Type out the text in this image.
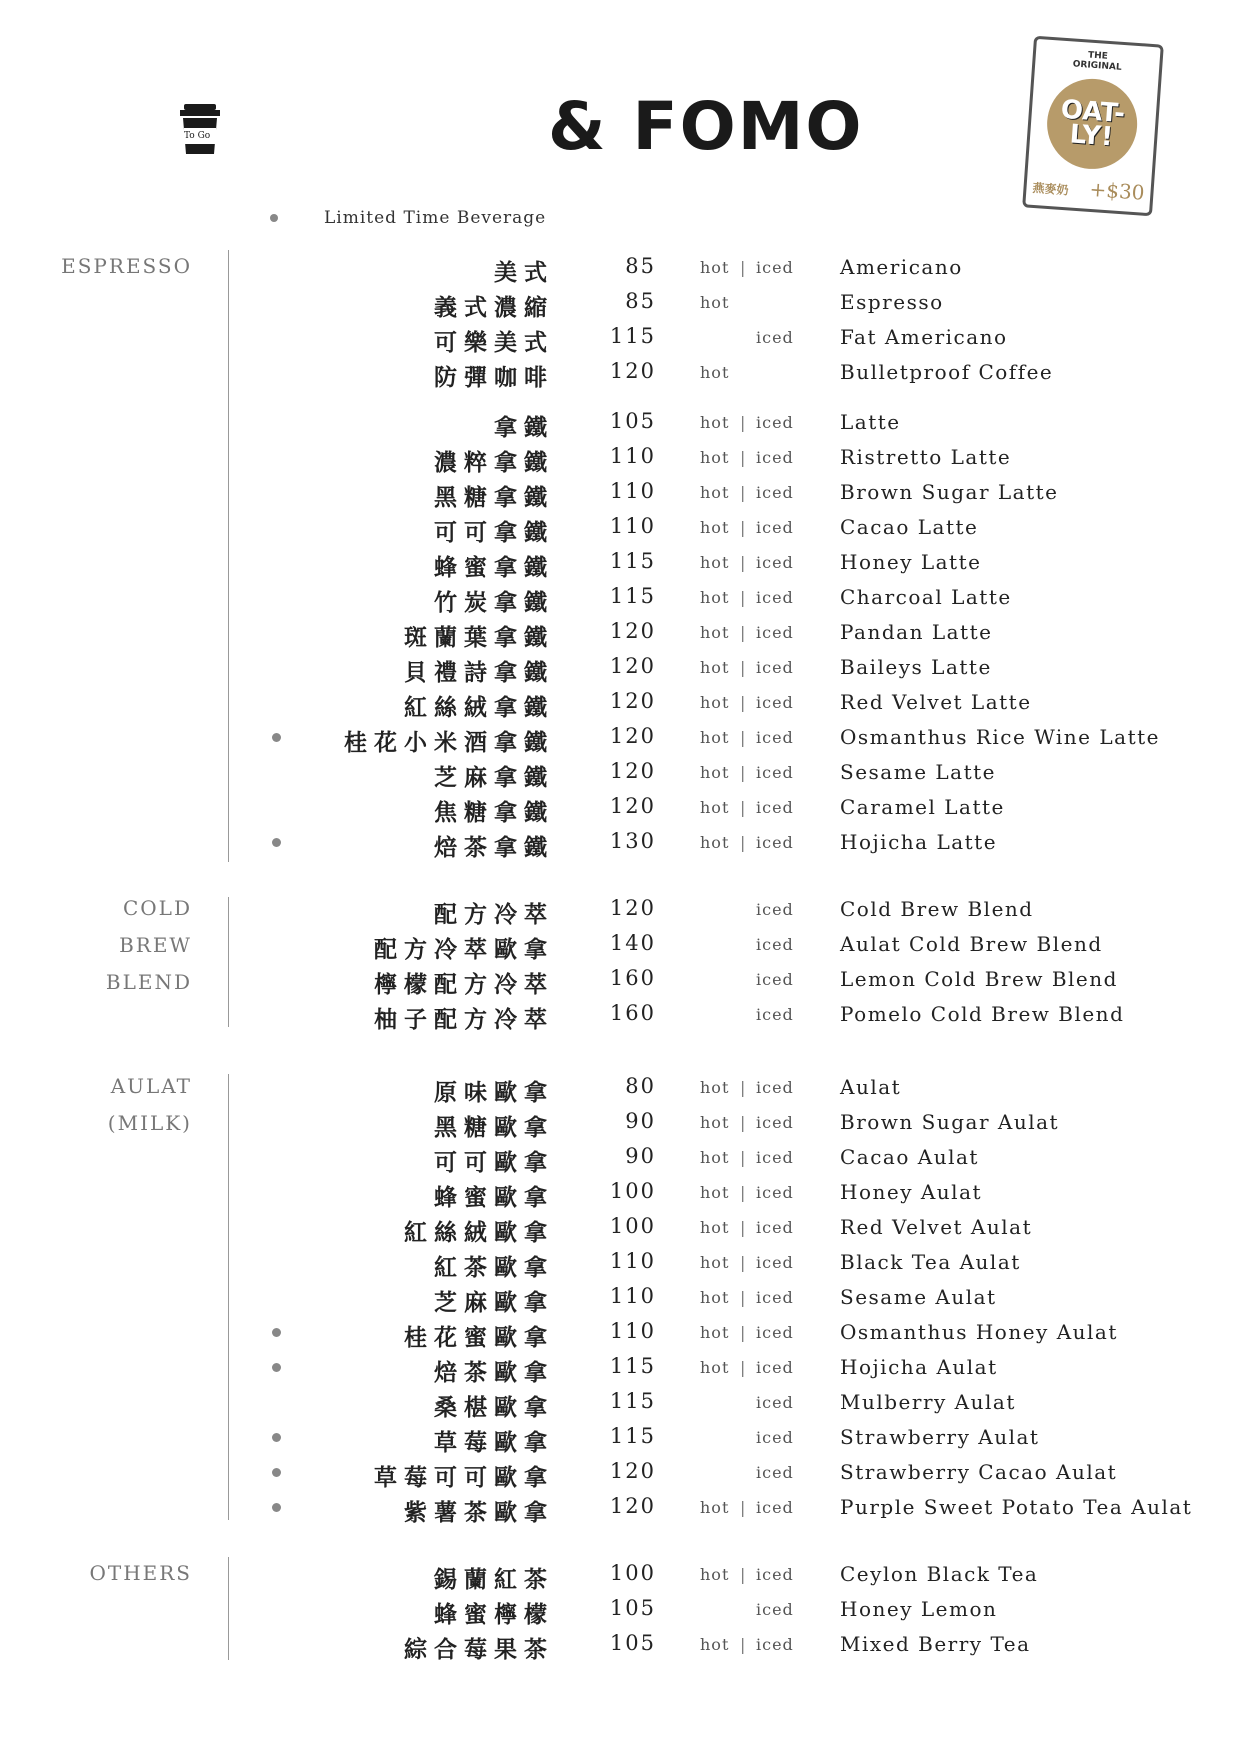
To Go	& FOMO
THE
ORIGINAL
OAT-
LY!
燕麥奶 +$30
Limited Time Beverage
ESPRESSO	美式	85	hot | iced Americano
義式濃縮	85	hot	Espresso
可樂美式	115	iced Fat Americano
防彈咖啡	120	hot	Bulletproof Coffee
拿鐵	105	hot | iced Latte
濃粹拿鐵	110	hot | iced Ristretto Latte
黑糖拿鐵	110	hot | iced Brown Sugar Latte
可可拿鐵	110	hot | iced Cacao Latte
蜂蜜拿鐵	115	hot | iced Honey Latte
竹炭拿鐵	115	hot | iced Charcoal Latte
斑蘭葉拿鐵	120	hot | iced Pandan Latte
貝禮詩拿鐵	120	hot | iced Baileys Latte
紅絲絨拿鐵	120	hot | iced Red Velvet Latte
桂花小米酒拿鐵	120	hot | iced Osmanthus Rice Wine Latte
芝麻拿鐵	120	hot | iced Sesame Latte
焦糖拿鐵	120	hot | iced Caramel Latte
焙茶拿鐵	130	hot | iced Hojicha Latte
COLD
BREW
BLEND
配方冷萃	120	iced Cold Brew Blend
配方冷萃歐拿	140	iced Aulat Cold Brew Blend
檸檬配方冷萃	160	iced Lemon Cold Brew Blend
柚子配方冷萃	160	iced Pomelo Cold Brew Blend
AULAT
(MILK)
原味歐拿	80	hot | iced Aulat
黑糖歐拿	90	hot | iced Brown Sugar Aulat
可可歐拿	90	hot | iced Cacao Aulat
蜂蜜歐拿	100	hot | iced Honey Aulat
紅絲絨歐拿	100	hot | iced Red Velvet Aulat
紅茶歐拿	110	hot | iced Black Tea Aulat
芝麻歐拿	110	hot | iced Sesame Aulat
桂花蜜歐拿	110	hot | iced Osmanthus Honey Aulat
焙茶歐拿	115	hot | iced Hojicha Aulat
桑椹歐拿	115	iced Mulberry Aulat
草莓歐拿	115	iced Strawberry Aulat
草莓可可歐拿	120	iced Strawberry Cacao Aulat
紫薯茶歐拿	120	hot | iced Purple Sweet Potato Tea Aulat
OTHERS	錫蘭紅茶	100	hot | iced Ceylon Black Tea
蜂蜜檸檬	105	iced Honey Lemon
綜合莓果茶	105	hot | iced Mixed Berry Tea
